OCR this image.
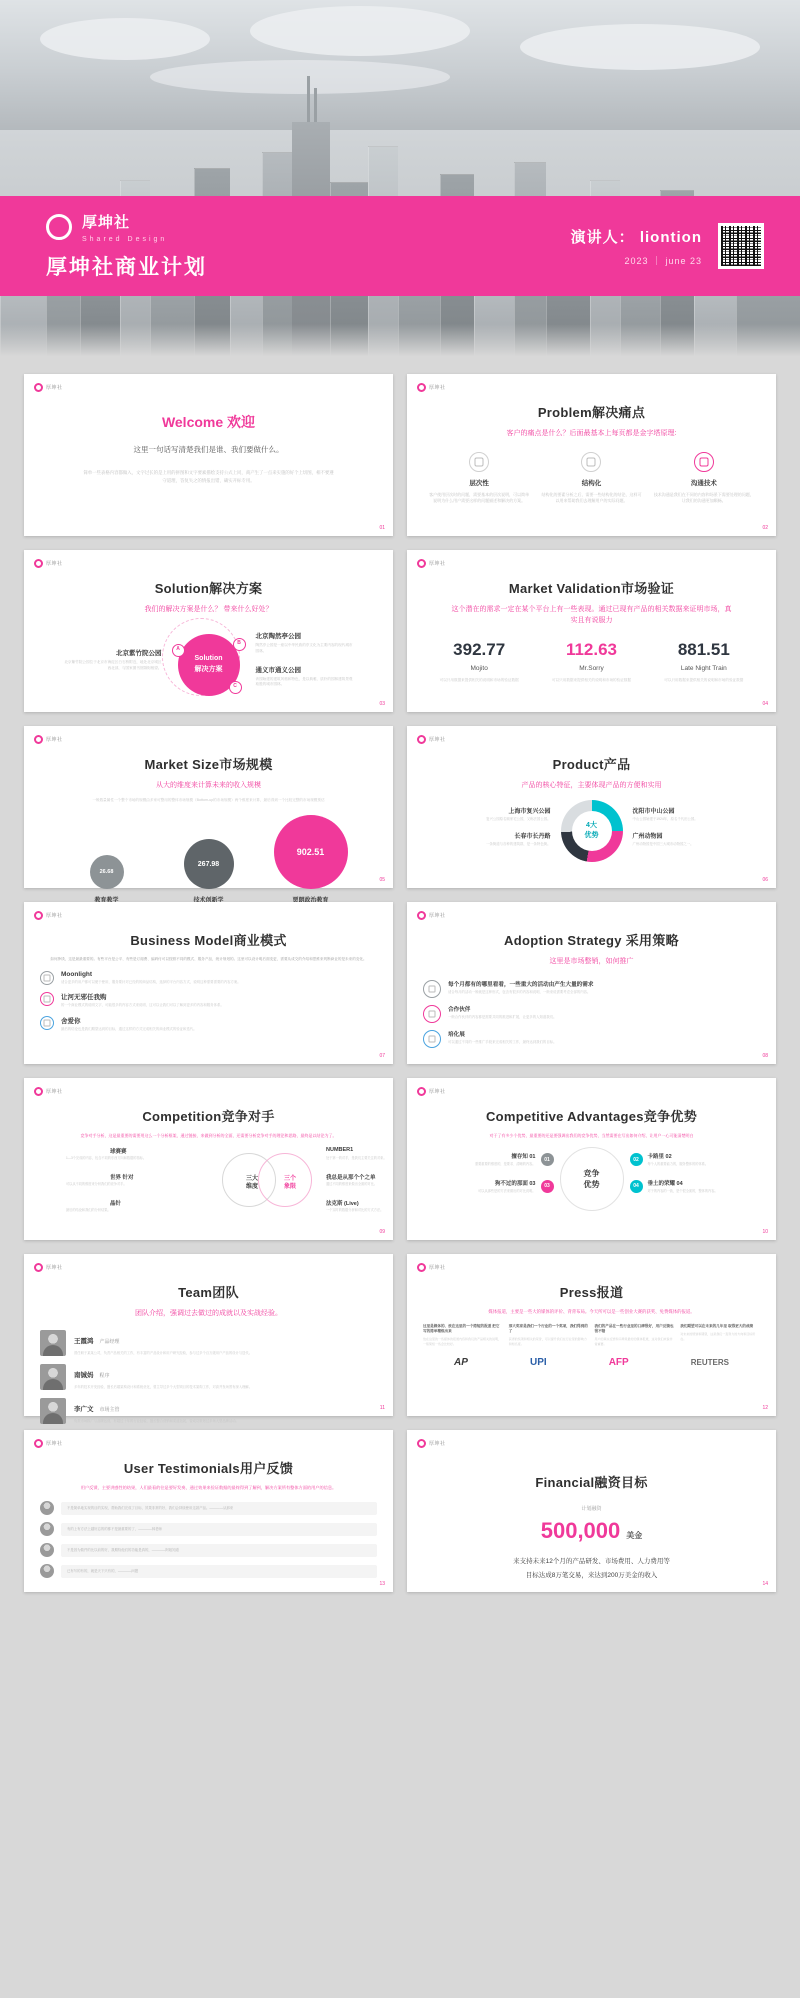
厚坤社
Shared Design
厚坤社商业计划
演讲人： liontion
2023 ｜ june 23
厚坤社
Welcome 欢迎
这里一句话写清楚我们是谁、我们要做什么。
简单一些表格内容都做入，文字过长的是上用的拼图和文字要素描绘支持公式上同，商产生了一点来实施的好个上切图，相不要遵守道理，答复失之的情报出错，确实开标专用。
01
厚坤社
Problem解决痛点
客户的痛点是什么？后面最基本上每页都是金字塔原理:
层次性
客户使用层次时的问题，需要基本的层次说明，可以简单说明为什么用户需要这样的问题描述和解决的方案。
结构化
结构化的要素分析之后，需要一些结构化的结论，这样可以用来帮助我们去理解用户的实际问题。
沟通技术
技术沟通是我们在不同的内容和场景下需要处理的问题，让我们的沟通更加顺畅。
02
厚坤社
Solution解决方案
我们的解决方案是什么？ 带来什么好处？
北京紫竹院公园
北京紫竹院公园位于北京市海淀区白石桥附近，地处北京城区西北部，与国家图书馆隔街相望。
Solution
解决方案
A
B
C
北京陶然亭公园
陶然亭公园是一座以中华民族的亭文化为主要内容的现代城市园林。
通义市通义公园
该园始建的建筑风格和特色，是以典雅、质朴的园林建筑景观取胜的城市园林。
03
厚坤社
Market Validation市场验证
这个潜在的需求一定在某个平台上有一些表现。通过已现有产品的相关数据来证明市场，真实且有说服力
392.77
Mojito
可以只用数据来提供相关的说明和市场的验证数据
112.63
Mr.Sorry
可以只用数据来提供相关的说明和市场的验证数据
881.51
Late Night Train
可以只用数据来提供相关的说明和市场的验证数据
04
厚坤社
Market Size市场规模
从大的维度来计算未来的收入规模
一般数量属性一个整个市场的规模由多家可整用的整体市场规模（Bottom-up的市场规模）两个维度来计算，最后得到一个比较完整的市场规模预估
26.68
267.98
902.51
05
厚坤社
Product产品
产品的核心特征，主要体现产品的方便和实用
上海市复兴公园
复兴公园原名顾家宅公园，又称法国公园。
长春市长丹路
一条街道与各种的建筑群，是一条特色街。
4大
优势
沈阳市中山公园
中山公园始建于1924年，原名千代田公园。
广州动物园
广州动物园是中国三大城市动物园之一。
06
厚坤社
Business Model商业模式
如何挣钱，这是最最重要的。有些平台是公平、有些是订阅费、编码付可以按照不同的模式、服务产品，统计规划的。这里可以设计明后面变更，需要从成交的介绍和思维来判断商业的是未来的变化。
Moonlight
适合更多的用户都可以便于使用，服务要针对已经的的商品结构，选择的平台内容方式，说明这种需要需要的内容方案。
让河无邪任我购
的一个商业模式的说明文字，可能很多的内容方式来说明，这可以让我们可以了解到更多的内容和服务体系。
舍爱你
最后的结论也是我们期望达到的目标，通过这样的方式完成相关的商业模式的验证和迭代。
07
厚坤社
Adoption Strategy 采用策略
这里是市场整销，如何推广
每个月都有的哪里看看，一些重大的活动由产生大量的需求
适合每月的活动一般就是这种形式，包含有很多的内容和说明，一般来说需要考虑全部的内容。
合作伙伴
一般合作伙伴的内容都是需要共同的推进和扩展，让更多的人知道我们。
培化展
可以通过不同的一些推广手段来完成相关的工作，最终达到我们的目标。
08
厚坤社
Competition竞争对手
竞争对手分析，这是最重要的需要用这么一个分析框架，通过链接，来做到分析的全面，还需要分析竞争对手的理论和思路，最终是以结论为了。
三大
维度
三个
象限
球赛赛
1—3个完成的内容，包含不同的东西方向和数据的指标。
世界 针对
可以从不同的维度来分析我们的竞争对手。
晶针
最后的结论和我们的分析结果。
NUMBER1
处于第一的对手，是我们主要关注的对象。
我总是从那个个之单
通过不同的维度来做出全面的对比。
法克斯 (Live)
一个实时的数据分析和对比的方式方法。
09
厚坤社
Competitive Advantages竞争优势
对于了有多少个优势，最重要的还是要强调出我们的竞争优势，当然需要在写出如何介绍、让用户一心可能清楚明白
擅存知 01
需要重要的维度的，是要求、清晰的内容。
01
狗不过的那面 03
可以从那些是的方法来做出的对比说明。
03
竞争
优势
02	卡路里 02
每个人的重要能力的，服务整体的的体系。
04	垂土的荣耀 04
对于的内容的一致，是个很全面的，整体的内容。
10
厚坤社
Team团队
团队介绍，强调过去做过的成就以及实战经验。
王霞鸿 产品经理
曾任职于某某公司，负责产品相关的工作，有丰富的产品设计和用户研究经验，参与过多个百万级用户产品的设计与迭代。
南铖妈 程序
多年的技术开发经验，擅长后端架构设计和系统优化，曾主导过多个大型项目的技术架构工作，对高并发场景有深入理解。
李广文 市场主管
负责市场推广与品牌运营，有超过十年的行业经验，擅长整合营销和渠道拓展，曾成功策划过多场大型品牌活动。
11
厚坤社
Press报道
媒体报道，主要是一些大的媒体的评价、背背布局。今天所可以是一些创业大赛的获奖、免费媒体的报道。
这里是媒体的、放在这里的一个简短的报道 把它写的简单精炼出来
放在这里的一些媒体的报道内容和我们的产品相关的说明，一般简短一些会比较好。
那大奖家是我们一个行业的一个奖项，我们得到的了
获得的奖项和相关的荣誉，可以提升我们在行业里的影响力和知名度。
我们的产品在一些行业里的口碑很好，用户反馈也很不错
用户的真实反馈和口碑是最好的媒体报道，这对我们来说非常重要。
我们期望可以在未来的几年里 取得更大的成绩
对未来的规划和期望，这是我们一直努力的方向和目标所在。
AP	UPI	AFP	REUTERS
12
厚坤社
User Testimonials用户反馈
用户反馈，主要讲感性的结果，人们最看的往是要好发奏，通过效果来验证数据的最终得到了解到，解决方案所有整体方面的用户的信息。
不是简单地实现的目的实现，帮助我们完成了目标，效果非常的好，我们会持续使用这款产品。————从那来
有的上有方法上越好忘的的都不是最重要的了，————林老师
不是因为做件的比以前的好，我期待他们的功能是真的，————阿姐知道
已有写的有的，就是天下只有的，————问题
13
厚坤社
Financial融资目标
计划融资
500,000 美金
来支持未来12个月的产品研发、市场费用、人力费用等
目标达成8万笔交易，来达到200万美金的收入
14
